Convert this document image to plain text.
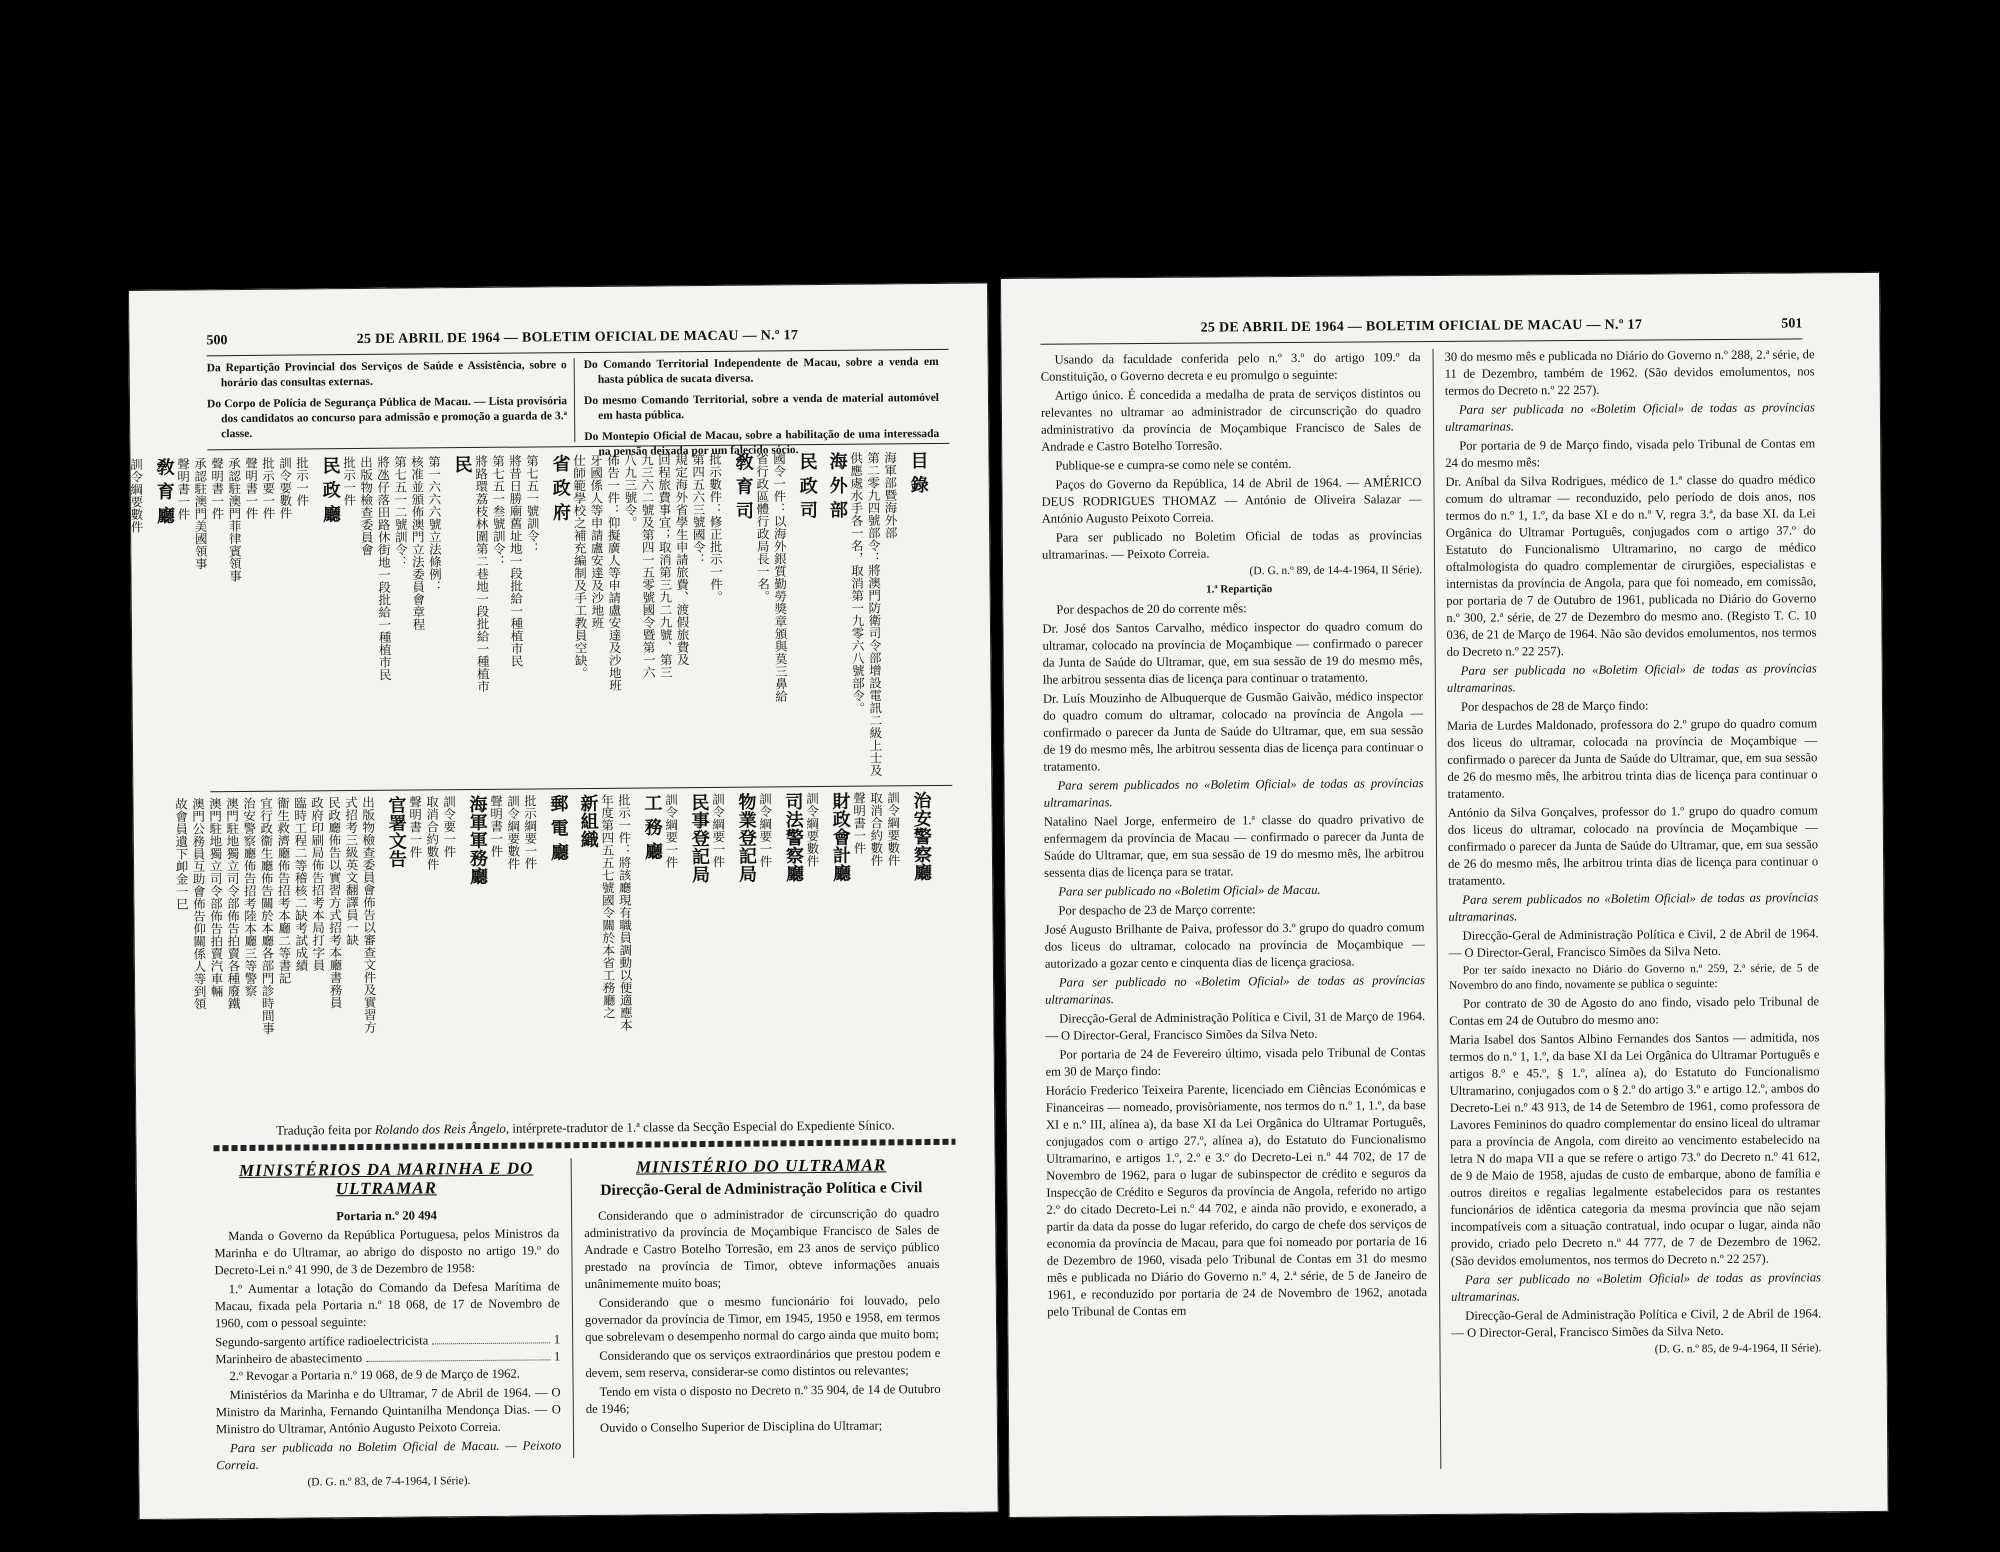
500	25 DE ABRIL DE 1964 — BOLETIM OFICIAL DE MACAU — N.º 17

Da Repartição Provincial dos Serviços de Saúde e Assistência, sobre o horário das consultas externas.

Do Corpo de Polícia de Segurança Pública de Macau. — Lista provisória dos candidatos ao concurso para admissão e promoção a guarda de 3.ª classe.

Do Comando Territorial Independente de Macau, sobre a venda em hasta pública de sucata diversa.

Do mesmo Comando Territorial, sobre a venda de material automóvel em hasta pública.

Do Montepio Oficial de Macau, sobre a habilitação de uma interessada na pensão deixada por um falecido sócio.	目 錄
海軍部暨海外部
第二零九四號部令：將澳門防衛司令部增設電訊二級上士及
供應處水手各一名，取消第一九零六八號部令。
海 外 部
民 政 司
國令一件：以海外銀質勤勞獎章頒與莫三鼻給
省行政區體行政局長一名。
敎 育 司
批示數件：修正批示一件。
第四五六三號國令：
規定海外省學生申請旅費、渡假旅費及
回程旅費事宜；取消第三九二九號、第三
九三六二號及第四一五零號國令暨第一六
八九三號令。
佈告一件：仰擬廣人等申請盧安達及沙地班
牙國係人等申請盧安達及沙地班
仕師範學校之補充編制及手工教員空缺。
省 政 府
第七五一號訓令：
將昔日勝廟舊址地一段批給一種植市民
第七五一叁號訓令：
將路環荔枝林圍第二巷地一段批給一種植市
民
第一六六六號立法條例：
核准並頒佈澳門立法委員會章程
第七五一二號訓令：
將氹仔落田路休街地一段批給一種植市民
出版物檢查委員會
批示一件
民 政 廳
批示一件
訓令要數件
批示要一件
聲明書一件
承認駐澳門菲律賓領事
聲明書一件
承認駐澳門美國領事
聲明書一件
敎 育 廳
訓令綱要數件
治安警察廳
訓令綱要數件
取消合約數件
聲明書一件
財政會計廳
訓令綱要數件
司法警察廳
訓令綱要一件
物業登記局
訓令綱要一件
民事登記局
訓令綱要一件
工 務 廳
批示一件：將該廳現有職員調動以便適應本
年度第四五五七號國令關於本省工務廳之
新組織
郵 電 廳
批示綱要一件
訓令綱要數件
聲明書一件
海軍軍務廳
訓令要一件
取消合約數件
聲明書一件
官署文告
出版物檢查委員會佈告以審查文件及實習方
式招考三級英文翻譯員一缺
民政廳佈告以實習方式招考本廳書務員
政府印刷局佈告招考本局打字員
臨時工程二等稽核二缺考試成績
衞生救濟廳佈告招考本廳二等書記
宜行政衞生廳佈告關於本廳各部門診時間事
治安警察廳佈告招考陸本廳三等警察
澳門駐地獨立司令部佈告拍賣各種廢鐵
澳門駐地獨立司令部佈告拍賣汽車輛
澳門公務員互助會佈告仰關係人等到領
故會員遺下卹金一巳
Tradução feita por Rolando dos Reis Ângelo, intérprete-tradutor de 1.ª classe da Secção Especial do Expediente Sínico.
MINISTÉRIOS DA MARINHA E DO ULTRAMAR

Portaria n.º 20 494

Manda o Governo da República Portuguesa, pelos Ministros da Marinha e do Ultramar, ao abrigo do disposto no artigo 19.º do Decreto-Lei n.º 41 990, de 3 de Dezembro de 1958:

1.º Aumentar a lotação do Comando da Defesa Marítima de Macau, fixada pela Portaria n.º 18 068, de 17 de Novembro de 1960, com o pessoal seguinte:

Segundo-sargento artífice radioelectricista	1
Marinheiro de abastecimento	1

2.º Revogar a Portaria n.º 19 068, de 9 de Março de 1962.

Ministérios da Marinha e do Ultramar, 7 de Abril de 1964. — O Ministro da Marinha, Fernando Quintanilha Mendonça Dias. — O Ministro do Ultramar, António Augusto Peixoto Correia.

Para ser publicada no Boletim Oficial de Macau. — Peixoto Correia.

(D. G. n.º 83, de 7-4-1964, I Série).

MINISTÉRIO DO ULTRAMAR
Direcção-Geral de Administração Política e Civil

Considerando que o administrador de circunscrição do quadro administrativo da província de Moçambique Francisco de Sales de Andrade e Castro Botelho Torresão, em 23 anos de serviço público prestado na província de Timor, obteve informações anuais unânimemente muito boas;

Considerando que o mesmo funcionário foi louvado, pelo governador da província de Timor, em 1945, 1950 e 1958, em termos que sobrelevam o desempenho normal do cargo ainda que muito bom;

Considerando que os serviços extraordinários que prestou podem e devem, sem reserva, considerar-se como distintos ou relevantes;

Tendo em vista o disposto no Decreto n.º 35 904, de 14 de Outubro de 1946;

Ouvido o Conselho Superior de Disciplina do Ultramar;

25 DE ABRIL DE 1964 — BOLETIM OFICIAL DE MACAU — N.º 17	501

Usando da faculdade conferida pelo n.º 3.º do artigo 109.º da Constituição, o Governo decreta e eu promulgo o seguinte:

Artigo único. É concedida a medalha de prata de serviços distintos ou relevantes no ultramar ao administrador de circunscrição do quadro administrativo da província de Moçambique Francisco de Sales de Andrade e Castro Botelho Torresão.

Publique-se e cumpra-se como nele se contém.

Paços do Governo da República, 14 de Abril de 1964. — AMÉRICO DEUS RODRIGUES THOMAZ — António de Oliveira Salazar — António Augusto Peixoto Correia.

Para ser publicado no Boletim Oficial de todas as províncias ultramarinas. — Peixoto Correia.

(D. G. n.º 89, de 14-4-1964, II Série).

1.ª Repartição

Por despachos de 20 do corrente mês:

Dr. José dos Santos Carvalho, médico inspector do quadro comum do ultramar, colocado na província de Moçambique — confirmado o parecer da Junta de Saúde do Ultramar, que, em sua sessão de 19 do mesmo mês, lhe arbitrou sessenta dias de licença para continuar o tratamento.

Dr. Luís Mouzinho de Albuquerque de Gusmão Gaivão, médico inspector do quadro comum do ultramar, colocado na província de Angola — confirmado o parecer da Junta de Saúde do Ultramar, que, em sua sessão de 19 do mesmo mês, lhe arbitrou sessenta dias de licença para continuar o tratamento.

Para serem publicados no «Boletim Oficial» de todas as províncias ultramarinas.

Natalino Nael Jorge, enfermeiro de 1.ª classe do quadro privativo de enfermagem da província de Macau — confirmado o parecer da Junta de Saúde do Ultramar, que, em sua sessão de 19 do mesmo mês, lhe arbitrou sessenta dias de licença para se tratar.

Para ser publicado no «Boletim Oficial» de Macau.

Por despacho de 23 de Março corrente:

José Augusto Brilhante de Paiva, professor do 3.º grupo do quadro comum dos liceus do ultramar, colocado na província de Moçambique — autorizado a gozar cento e cinquenta dias de licença graciosa.

Para ser publicado no «Boletim Oficial» de todas as províncias ultramarinas.

Direcção-Geral de Administração Política e Civil, 31 de Março de 1964. — O Director-Geral, Francisco Simões da Silva Neto.

Por portaria de 24 de Fevereiro último, visada pelo Tribunal de Contas em 30 de Março findo:

Horácio Frederico Teixeira Parente, licenciado em Ciências Económicas e Financeiras — nomeado, provisòriamente, nos termos do n.º 1, 1.º, da base XI e n.º III, alínea a), da base XI da Lei Orgânica do Ultramar Português, conjugados com o artigo 27.º, alínea a), do Estatuto do Funcionalismo Ultramarino, e artigos 1.º, 2.º e 3.º do Decreto-Lei n.º 44 702, de 17 de Novembro de 1962, para o lugar de subinspector de crédito e seguros da Inspecção de Crédito e Seguros da província de Angola, referido no artigo 2.º do citado Decreto-Lei n.º 44 702, e ainda não provido, e exonerado, a partir da data da posse do lugar referido, do cargo de chefe dos serviços de economia da província de Macau, para que foi nomeado por portaria de 16 de Dezembro de 1960, visada pelo Tribunal de Contas em 31 do mesmo mês e publicada no Diário do Governo n.º 4, 2.ª série, de 5 de Janeiro de 1961, e reconduzido por portaria de 24 de Novembro de 1962, anotada pelo Tribunal de Contas em

30 do mesmo mês e publicada no Diário do Governo n.º 288, 2.ª série, de 11 de Dezembro, também de 1962. (São devidos emolumentos, nos termos do Decreto n.º 22 257).

Para ser publicada no «Boletim Oficial» de todas as províncias ultramarinas.

Por portaria de 9 de Março findo, visada pelo Tribunal de Contas em 24 do mesmo mês:

Dr. Aníbal da Silva Rodrigues, médico de 1.ª classe do quadro médico comum do ultramar — reconduzido, pelo período de dois anos, nos termos do n.º 1, 1.º, da base XI e do n.º V, regra 3.ª, da base XI. da Lei Orgânica do Ultramar Português, conjugados com o artigo 37.º do Estatuto do Funcionalismo Ultramarino, no cargo de médico oftalmologista do quadro complementar de cirurgiões, especialistas e internistas da província de Angola, para que foi nomeado, em comissão, por portaria de 7 de Outubro de 1961, publicada no Diário do Governo n.º 300, 2.ª série, de 27 de Dezembro do mesmo ano. (Registo T. C. 10 036, de 21 de Março de 1964. Não são devidos emolumentos, nos termos do Decreto n.º 22 257).

Para ser publicada no «Boletim Oficial» de todas as províncias ultramarinas.

Por despachos de 28 de Março findo:

Maria de Lurdes Maldonado, professora do 2.º grupo do quadro comum dos liceus do ultramar, colocada na província de Moçambique — confirmado o parecer da Junta de Saúde do Ultramar, que, em sua sessão de 26 do mesmo mês, lhe arbitrou trinta dias de licença para continuar o tratamento.

António da Silva Gonçalves, professor do 1.º grupo do quadro comum dos liceus do ultramar, colocado na província de Moçambique — confirmado o parecer da Junta de Saúde do Ultramar, que, em sua sessão de 26 do mesmo mês, lhe arbitrou trinta dias de licença para continuar o tratamento.

Para serem publicados no «Boletim Oficial» de todas as províncias ultramarinas.

Direcção-Geral de Administração Política e Civil, 2 de Abril de 1964. — O Director-Geral, Francisco Simões da Silva Neto.

Por ter saído inexacto no Diário do Governo n.º 259, 2.ª série, de 5 de Novembro do ano findo, novamente se publica o seguinte:

Por contrato de 30 de Agosto do ano findo, visado pelo Tribunal de Contas em 24 de Outubro do mesmo ano:

Maria Isabel dos Santos Albino Fernandes dos Santos — admitida, nos termos do n.º 1, 1.º, da base XI da Lei Orgânica do Ultramar Português e artigos 8.º e 45.º, § 1.º, alínea a), do Estatuto do Funcionalismo Ultramarino, conjugados com o § 2.º do artigo 3.º e artigo 12.º, ambos do Decreto-Lei n.º 43 913, de 14 de Setembro de 1961, como professora de Lavores Femininos do quadro complementar do ensino liceal do ultramar para a província de Angola, com direito ao vencimento estabelecido na letra N do mapa VII a que se refere o artigo 73.º do Decreto n.º 41 612, de 9 de Maio de 1958, ajudas de custo de embarque, abono de família e outros direitos e regalias legalmente estabelecidos para os restantes funcionários de idêntica categoria da mesma província que não sejam incompatíveis com a situação contratual, indo ocupar o lugar, ainda não provido, criado pelo Decreto n.º 44 777, de 7 de Dezembro de 1962. (São devidos emolumentos, nos termos do Decreto n.º 22 257).

Para ser publicado no «Boletim Oficial» de todas as províncias ultramarinas.

Direcção-Geral de Administração Política e Civil, 2 de Abril de 1964. — O Director-Geral, Francisco Simões da Silva Neto.

(D. G. n.º 85, de 9-4-1964, II Série).
